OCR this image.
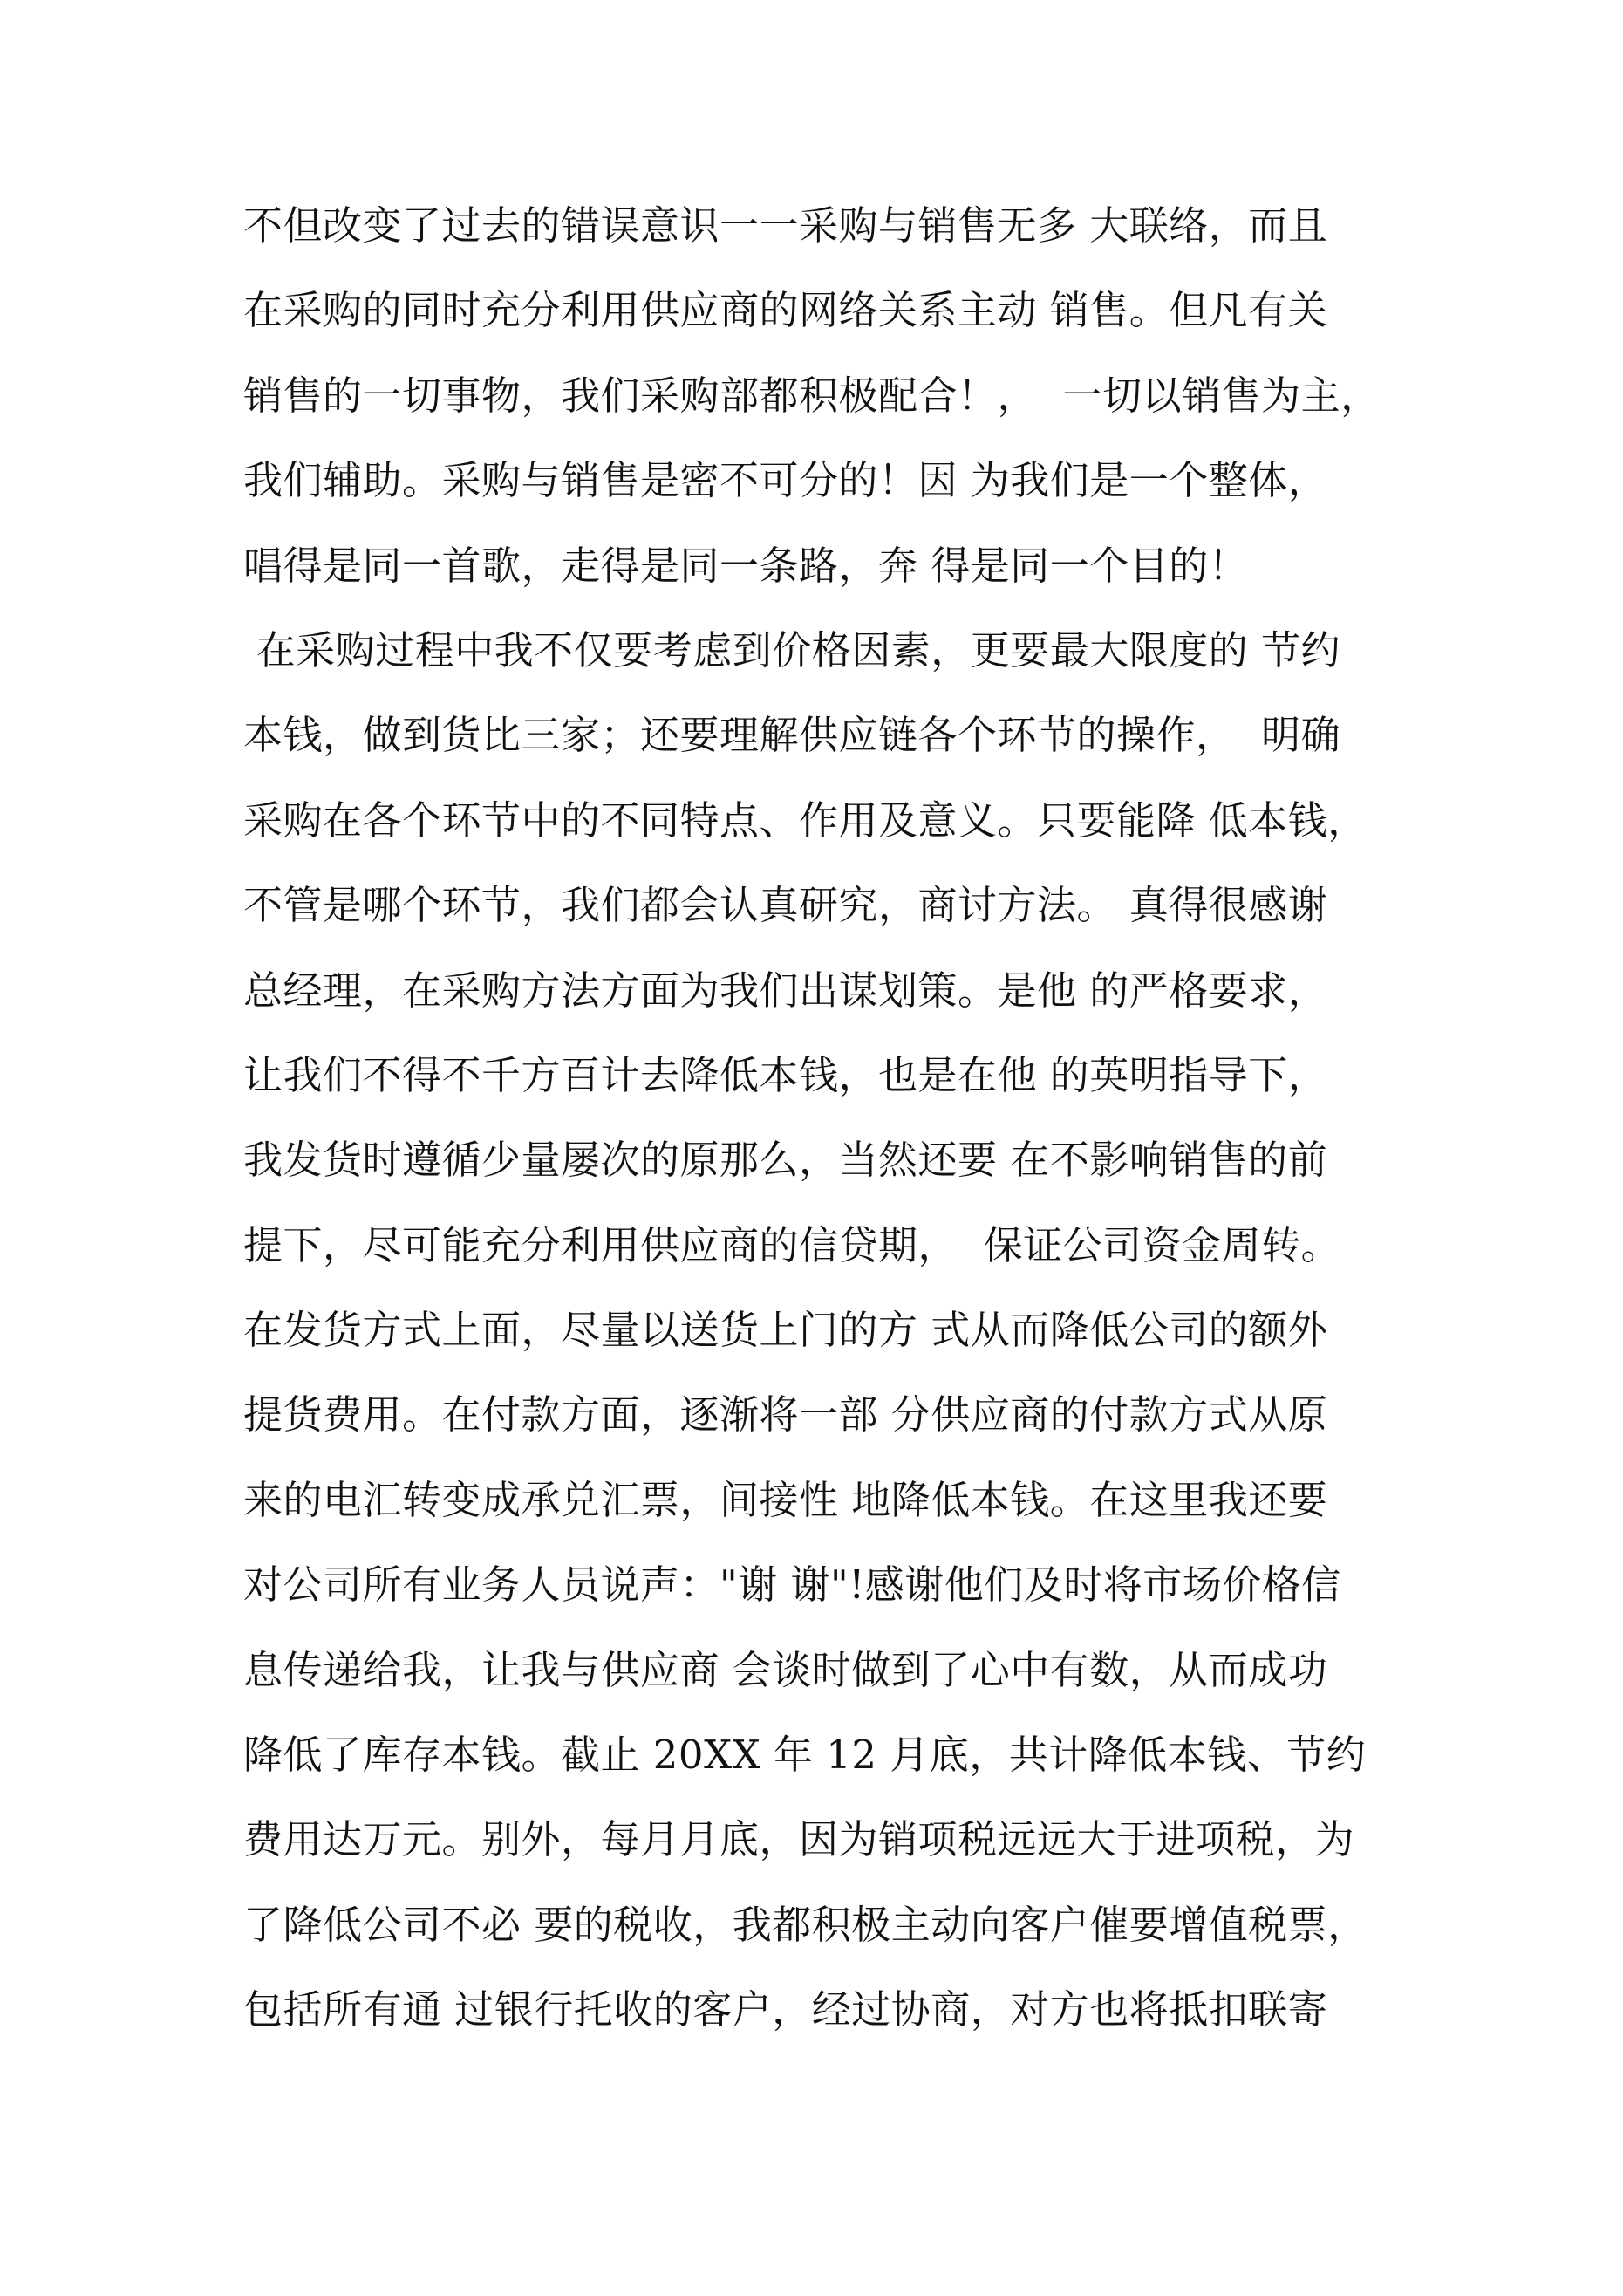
不但改变了过去的错误意识一一采购与销售无多 大联络，而且
在采购的同时充分利用供应商的网络关系主动 销售。但凡有关
销售的一切事物，我们采购部都积极配合！，  一切以销售为主，
我们辅助。采购与销售是密不可分的！因 为我们是一个整体，
唱得是同一首歌，走得是同一条路，奔 得是同一个目的！
在采购过程中我不仅要考虑到价格因素，更要最大限度的 节约
本钱，做到货比三家；还要理解供应链各个环节的操作，  明确
采购在各个环节中的不同特点、作用及意义。只要能降 低本钱，
不管是哪个环节，我们都会认真研究，商讨方法。 真得很感谢
总经理，在采购方法方面为我们出谋划策。是他 的严格要求，
让我们不得不千方百计去降低本钱，也是在他 的英明指导下，
我发货时遵循少量屡次的原那么，当然还要 在不影响销售的前
提下，尽可能充分利用供应商的信贷期，  保证公司资金周转。
在发货方式上面，尽量以送货上门的方 式从而降低公司的额外
提货费用。在付款方面，逐渐将一部 分供应商的付款方式从原
来的电汇转变成承兑汇票，间接性 地降低本钱。在这里我还要
对公司所有业务人员说声："谢 谢"!感谢他们及时将市场价格信
息传递给我，让我与供应商 会谈时做到了心中有数，从而成功
降低了库存本钱。截止 20XX 年 12 月底，共计降低本钱、节约
费用达万元。别外，每月月底，因为销项税远远大于进项税，为
了降低公司不必 要的税收，我都积极主动向客户催要增值税票，
包括所有通 过银行托收的客户，经过协商，对方也将抵扣联寄
